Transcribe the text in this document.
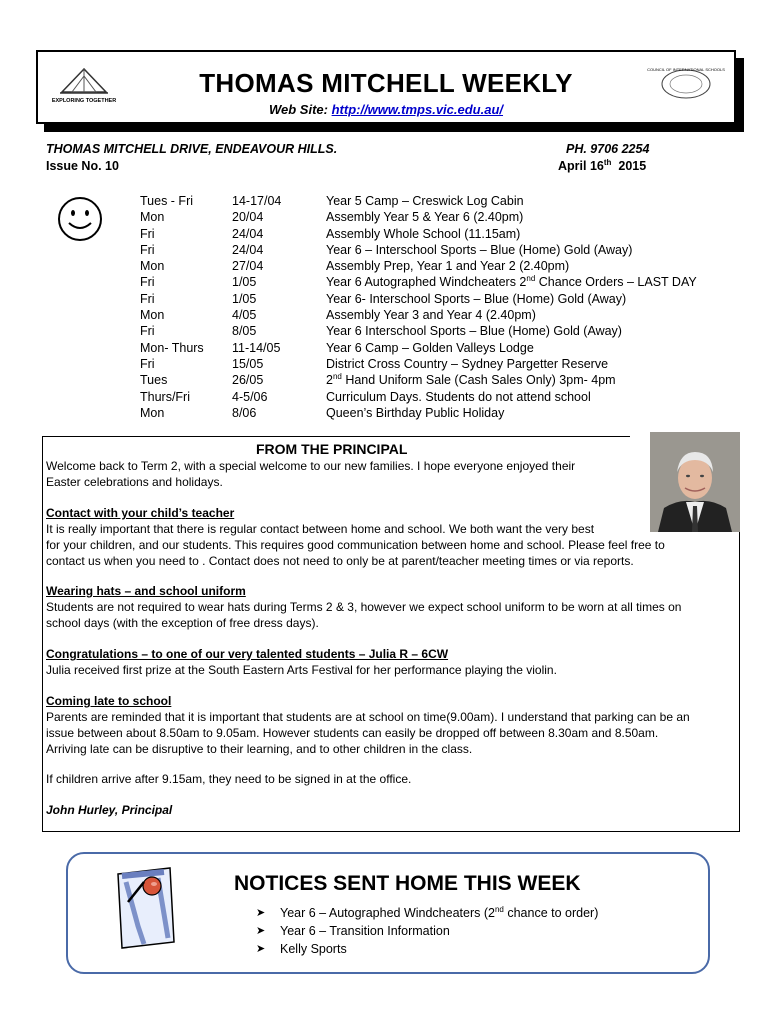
EXPLORING TOGETHER
THOMAS MITCHELL WEEKLY
Web Site: http://www.tmps.vic.edu.au/
COUNCIL OF INTERNATIONAL SCHOOLS
THOMAS MITCHELL DRIVE, ENDEAVOUR HILLS.	PH. 9706 2254
Issue No. 10	April 16th 2015
Tues - Fri	14-17/04	Year 5 Camp – Creswick Log Cabin
Mon	20/04	Assembly Year 5 & Year 6 (2.40pm)
Fri	24/04	Assembly Whole School (11.15am)
Fri	24/04	Year 6 – Interschool Sports – Blue (Home) Gold (Away)
Mon	27/04	Assembly Prep, Year 1 and Year 2 (2.40pm)
Fri	1/05	Year 6 Autographed Windcheaters 2nd Chance Orders – LAST DAY
Fri	1/05	Year 6- Interschool Sports – Blue (Home) Gold (Away)
Mon	4/05	Assembly Year 3 and Year 4 (2.40pm)
Fri	8/05	Year 6 Interschool Sports – Blue (Home) Gold (Away)
Mon- Thurs 11-14/05	Year 6 Camp – Golden Valleys Lodge
Fri	15/05	District Cross Country – Sydney Pargetter Reserve
Tues	26/05	2nd Hand Uniform Sale (Cash Sales Only) 3pm- 4pm
Thurs/Fri	4-5/06	Curriculum Days. Students do not attend school
Mon	8/06	Queen’s Birthday Public Holiday
FROM THE PRINCIPAL
Welcome back to Term 2, with a special welcome to our new families. I hope everyone enjoyed their
Easter celebrations and holidays.
Contact with your child’s teacher
It is really important that there is regular contact between home and school. We both want the very best
for your children, and our students. This requires good communication between home and school. Please feel free to
contact us when you need to . Contact does not need to only be at parent/teacher meeting times or via reports.
Wearing hats – and school uniform
Students are not required to wear hats during Terms 2 & 3, however we expect school uniform to be worn at all times on
school days (with the exception of free dress days).
Congratulations – to one of our very talented students – Julia R – 6CW
Julia received first prize at the South Eastern Arts Festival for her performance playing the violin.
Coming late to school
Parents are reminded that it is important that students are at school on time(9.00am). I understand that parking can be an
issue between about 8.50am to 9.05am. However students can easily be dropped off between 8.30am and 8.50am.
Arriving late can be disruptive to their learning, and to other children in the class.
If children arrive after 9.15am, they need to be signed in at the office.
John Hurley, Principal
NOTICES SENT HOME THIS WEEK
➤ Year 6 – Autographed Windcheaters (2nd chance to order)
➤ Year 6 – Transition Information
➤ Kelly Sports
